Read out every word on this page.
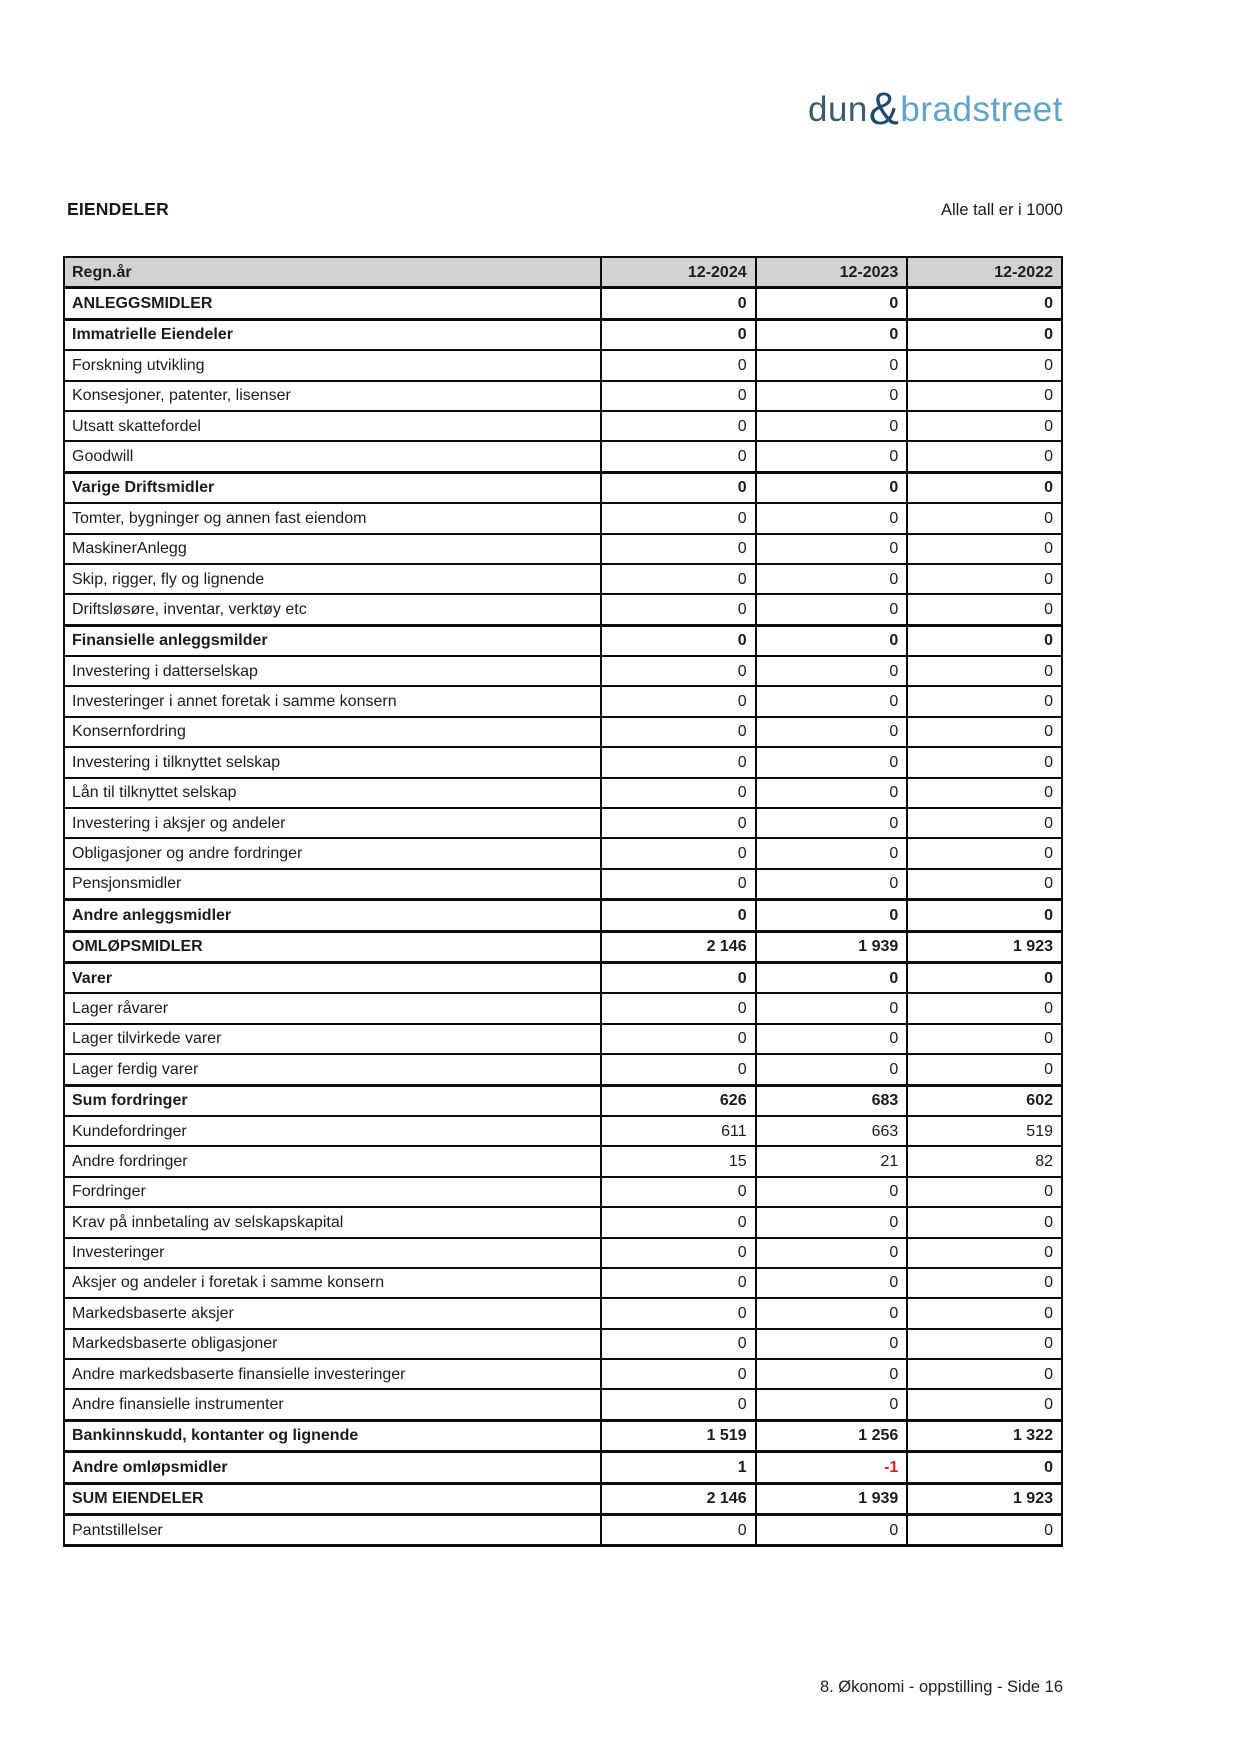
dun&bradstreet
EIENDELER	Alle tall er i 1000
Regn.år	12-2024	12-2023	12-2022
ANLEGGSMIDLER	0	0	0
Immatrielle Eiendeler	0	0	0
Forskning utvikling	0	0	0
Konsesjoner, patenter, lisenser	0	0	0
Utsatt skattefordel	0	0	0
Goodwill	0	0	0
Varige Driftsmidler	0	0	0
Tomter, bygninger og annen fast eiendom	0	0	0
MaskinerAnlegg	0	0	0
Skip, rigger, fly og lignende	0	0	0
Driftsløsøre, inventar, verktøy etc	0	0	0
Finansielle anleggsmilder	0	0	0
Investering i datterselskap	0	0	0
Investeringer i annet foretak i samme konsern	0	0	0
Konsernfordring	0	0	0
Investering i tilknyttet selskap	0	0	0
Lån til tilknyttet selskap	0	0	0
Investering i aksjer og andeler	0	0	0
Obligasjoner og andre fordringer	0	0	0
Pensjonsmidler	0	0	0
Andre anleggsmidler	0	0	0
OMLØPSMIDLER	2 146	1 939	1 923
Varer	0	0	0
Lager råvarer	0	0	0
Lager tilvirkede varer	0	0	0
Lager ferdig varer	0	0	0
Sum fordringer	626	683	602
Kundefordringer	611	663	519
Andre fordringer	15	21	82
Fordringer	0	0	0
Krav på innbetaling av selskapskapital	0	0	0
Investeringer	0	0	0
Aksjer og andeler i foretak i samme konsern	0	0	0
Markedsbaserte aksjer	0	0	0
Markedsbaserte obligasjoner	0	0	0
Andre markedsbaserte finansielle investeringer	0	0	0
Andre finansielle instrumenter	0	0	0
Bankinnskudd, kontanter og lignende	1 519	1 256	1 322
Andre omløpsmidler	1	-1	0
SUM EIENDELER	2 146	1 939	1 923
Pantstillelser	0	0	0
8. Økonomi - oppstilling - Side 16
